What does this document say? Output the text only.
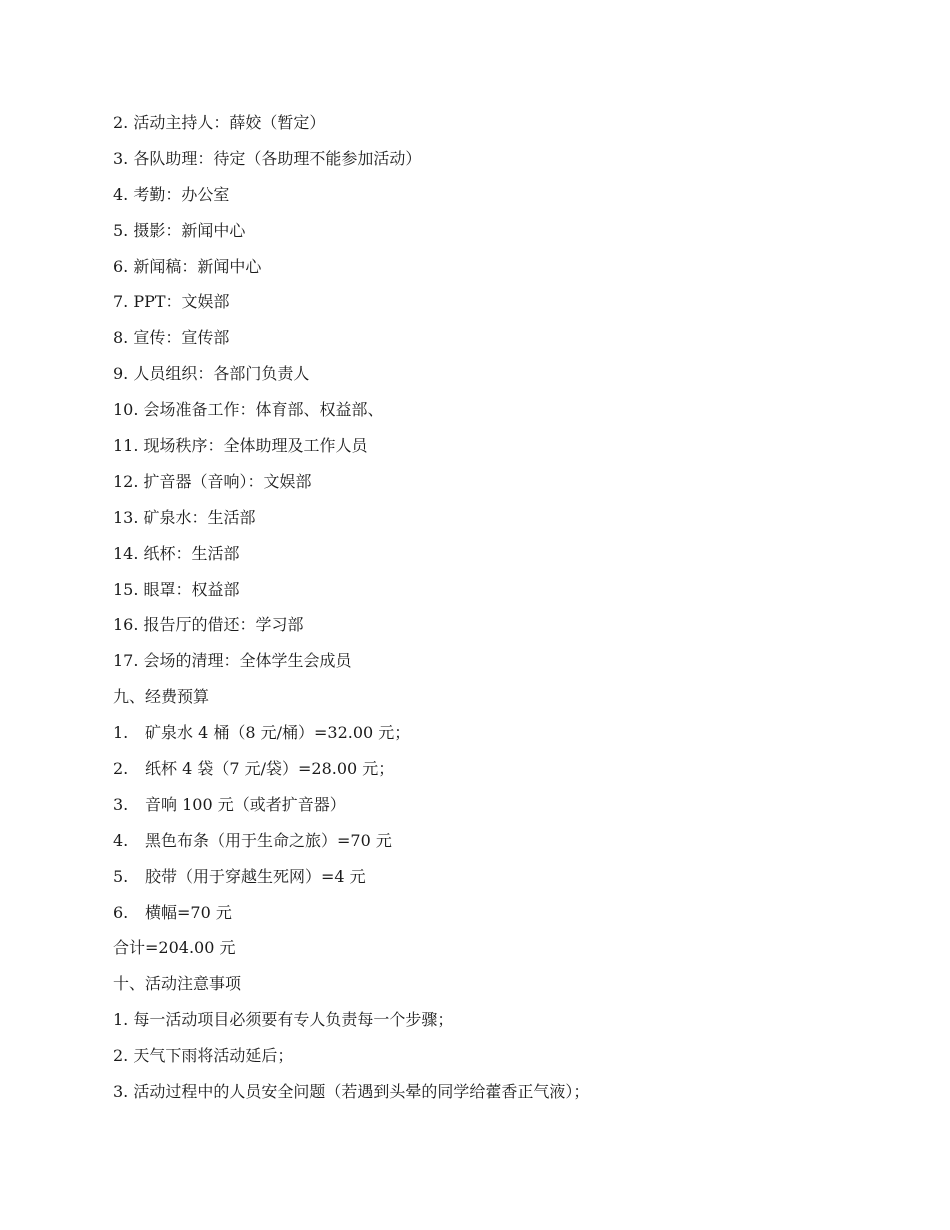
2. 活动主持人：薛姣（暂定）
3. 各队助理：待定（各助理不能参加活动）
4. 考勤：办公室
5. 摄影：新闻中心
6. 新闻稿：新闻中心
7. PPT：文娱部
8. 宣传：宣传部
9. 人员组织：各部门负责人
10. 会场准备工作：体育部、权益部、
11. 现场秩序：全体助理及工作人员
12. 扩音器（音响）：文娱部
13. 矿泉水：生活部
14. 纸杯：生活部
15. 眼罩：权益部
16. 报告厅的借还：学习部
17. 会场的清理：全体学生会成员
九、经费预算
1. 矿泉水 4 桶（8 元/桶）=32.00 元；
2. 纸杯 4 袋（7 元/袋）=28.00 元；
3. 音响 100 元（或者扩音器）
4. 黑色布条（用于生命之旅）=70 元
5. 胶带（用于穿越生死网）=4 元
6. 横幅=70 元
合计=204.00 元
十、活动注意事项
1. 每一活动项目必须要有专人负责每一个步骤；
2. 天气下雨将活动延后；
3. 活动过程中的人员安全问题（若遇到头晕的同学给藿香正气液）；
